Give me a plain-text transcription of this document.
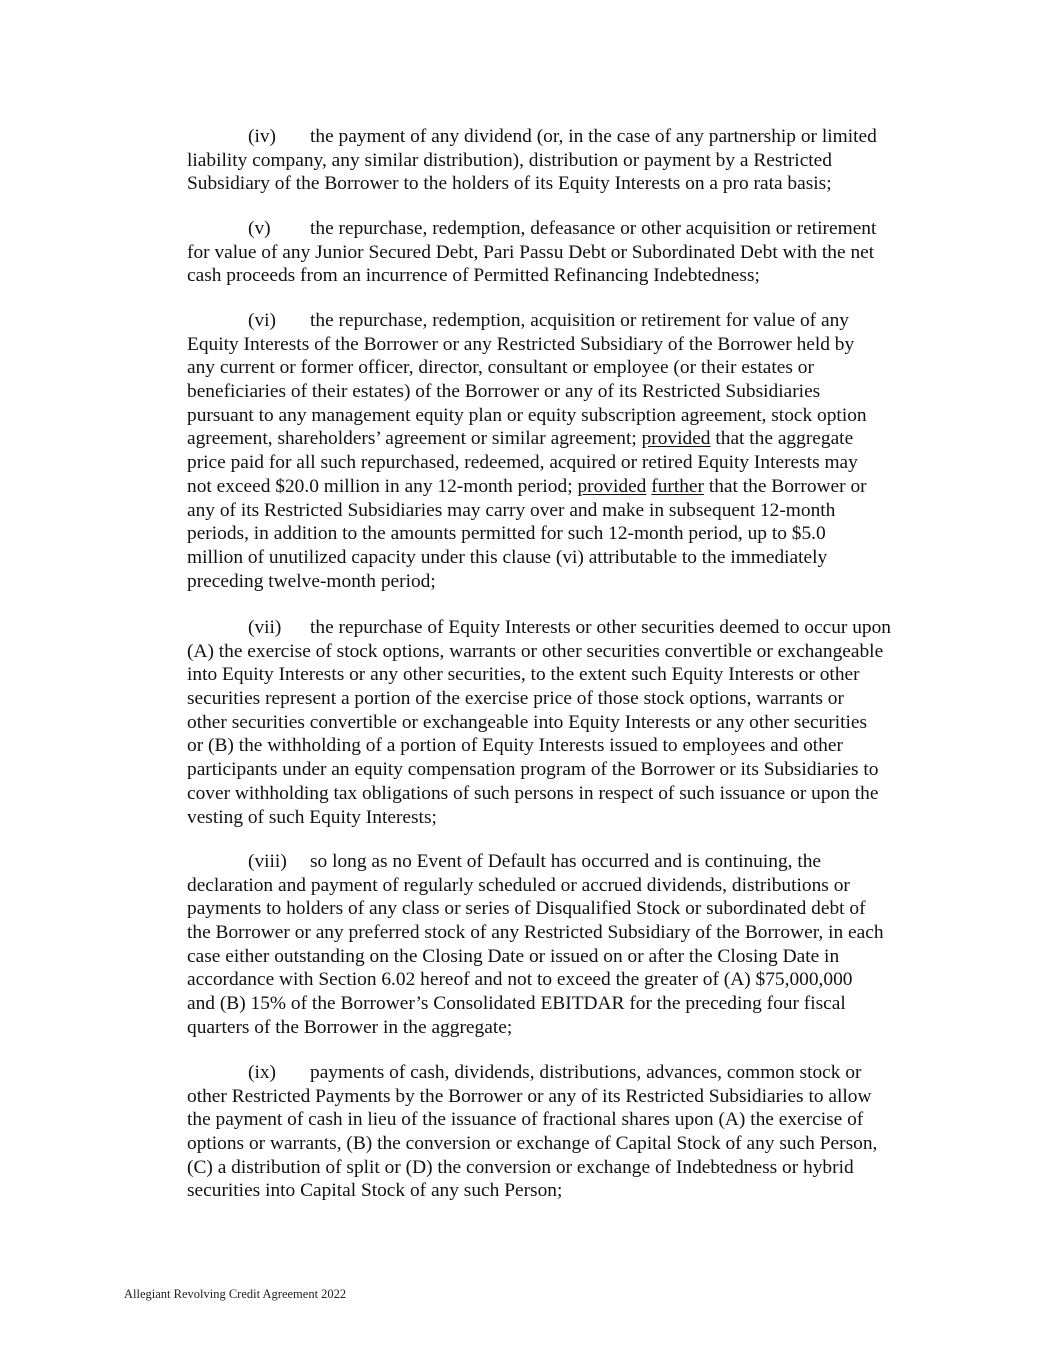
(iv) the payment of any dividend (or, in the case of any partnership or limited
liability company, any similar distribution), distribution or payment by a Restricted
Subsidiary of the Borrower to the holders of its Equity Interests on a pro rata basis;
(v) the repurchase, redemption, defeasance or other acquisition or retirement
for value of any Junior Secured Debt, Pari Passu Debt or Subordinated Debt with the net
cash proceeds from an incurrence of Permitted Refinancing Indebtedness;
(vi) the repurchase, redemption, acquisition or retirement for value of any
Equity Interests of the Borrower or any Restricted Subsidiary of the Borrower held by
any current or former officer, director, consultant or employee (or their estates or
beneficiaries of their estates) of the Borrower or any of its Restricted Subsidiaries
pursuant to any management equity plan or equity subscription agreement, stock option
agreement, shareholders’ agreement or similar agreement; provided that the aggregate
price paid for all such repurchased, redeemed, acquired or retired Equity Interests may
not exceed $20.0 million in any 12-month period; provided further that the Borrower or
any of its Restricted Subsidiaries may carry over and make in subsequent 12-month
periods, in addition to the amounts permitted for such 12-month period, up to $5.0
million of unutilized capacity under this clause (vi) attributable to the immediately
preceding twelve-month period;
(vii) the repurchase of Equity Interests or other securities deemed to occur upon
(A) the exercise of stock options, warrants or other securities convertible or exchangeable
into Equity Interests or any other securities, to the extent such Equity Interests or other
securities represent a portion of the exercise price of those stock options, warrants or
other securities convertible or exchangeable into Equity Interests or any other securities
or (B) the withholding of a portion of Equity Interests issued to employees and other
participants under an equity compensation program of the Borrower or its Subsidiaries to
cover withholding tax obligations of such persons in respect of such issuance or upon the
vesting of such Equity Interests;
(viii) so long as no Event of Default has occurred and is continuing, the
declaration and payment of regularly scheduled or accrued dividends, distributions or
payments to holders of any class or series of Disqualified Stock or subordinated debt of
the Borrower or any preferred stock of any Restricted Subsidiary of the Borrower, in each
case either outstanding on the Closing Date or issued on or after the Closing Date in
accordance with Section 6.02 hereof and not to exceed the greater of (A) $75,000,000
and (B) 15% of the Borrower’s Consolidated EBITDAR for the preceding four fiscal
quarters of the Borrower in the aggregate;
(ix) payments of cash, dividends, distributions, advances, common stock or
other Restricted Payments by the Borrower or any of its Restricted Subsidiaries to allow
the payment of cash in lieu of the issuance of fractional shares upon (A) the exercise of
options or warrants, (B) the conversion or exchange of Capital Stock of any such Person,
(C) a distribution of split or (D) the conversion or exchange of Indebtedness or hybrid
securities into Capital Stock of any such Person;
Allegiant Revolving Credit Agreement 2022
